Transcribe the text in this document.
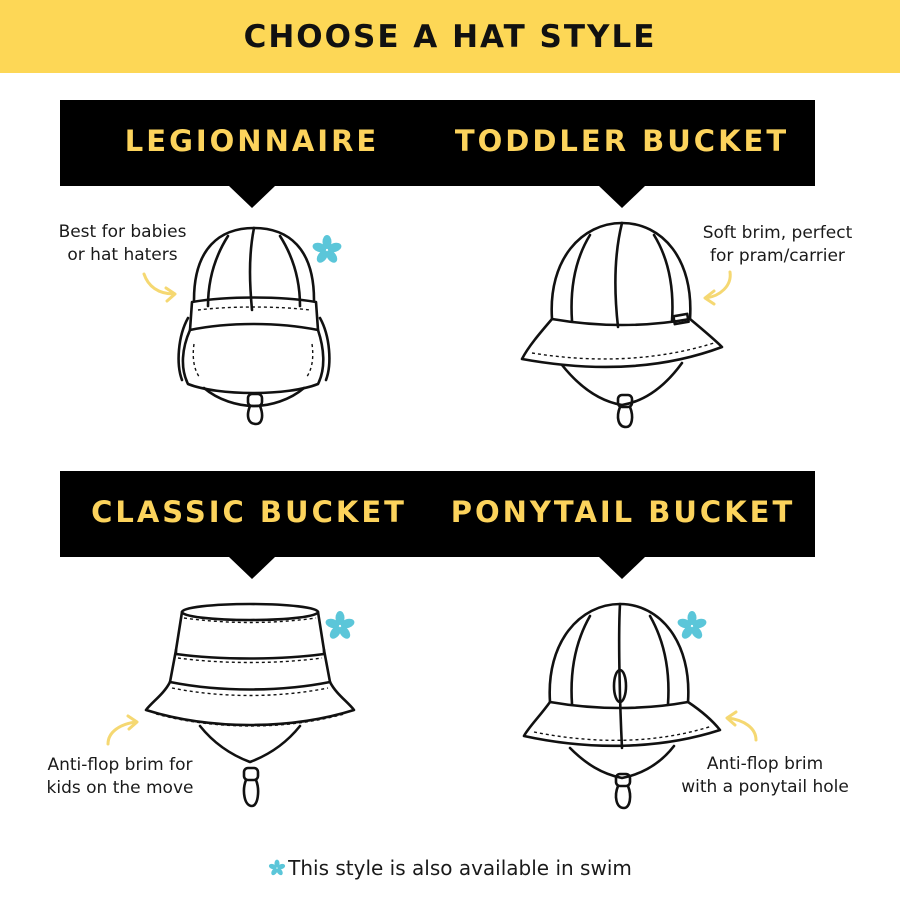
CHOOSE A HAT STYLE
LEGIONNAIRE	TODDLER BUCKET
CLASSIC BUCKET PONYTAIL BUCKET
Best for babies
or hat haters
Soft brim, perfect
for pram/carrier
Anti-flop brim for
kids on the move
Anti-flop brim
with a ponytail hole
This style is also available in swim
